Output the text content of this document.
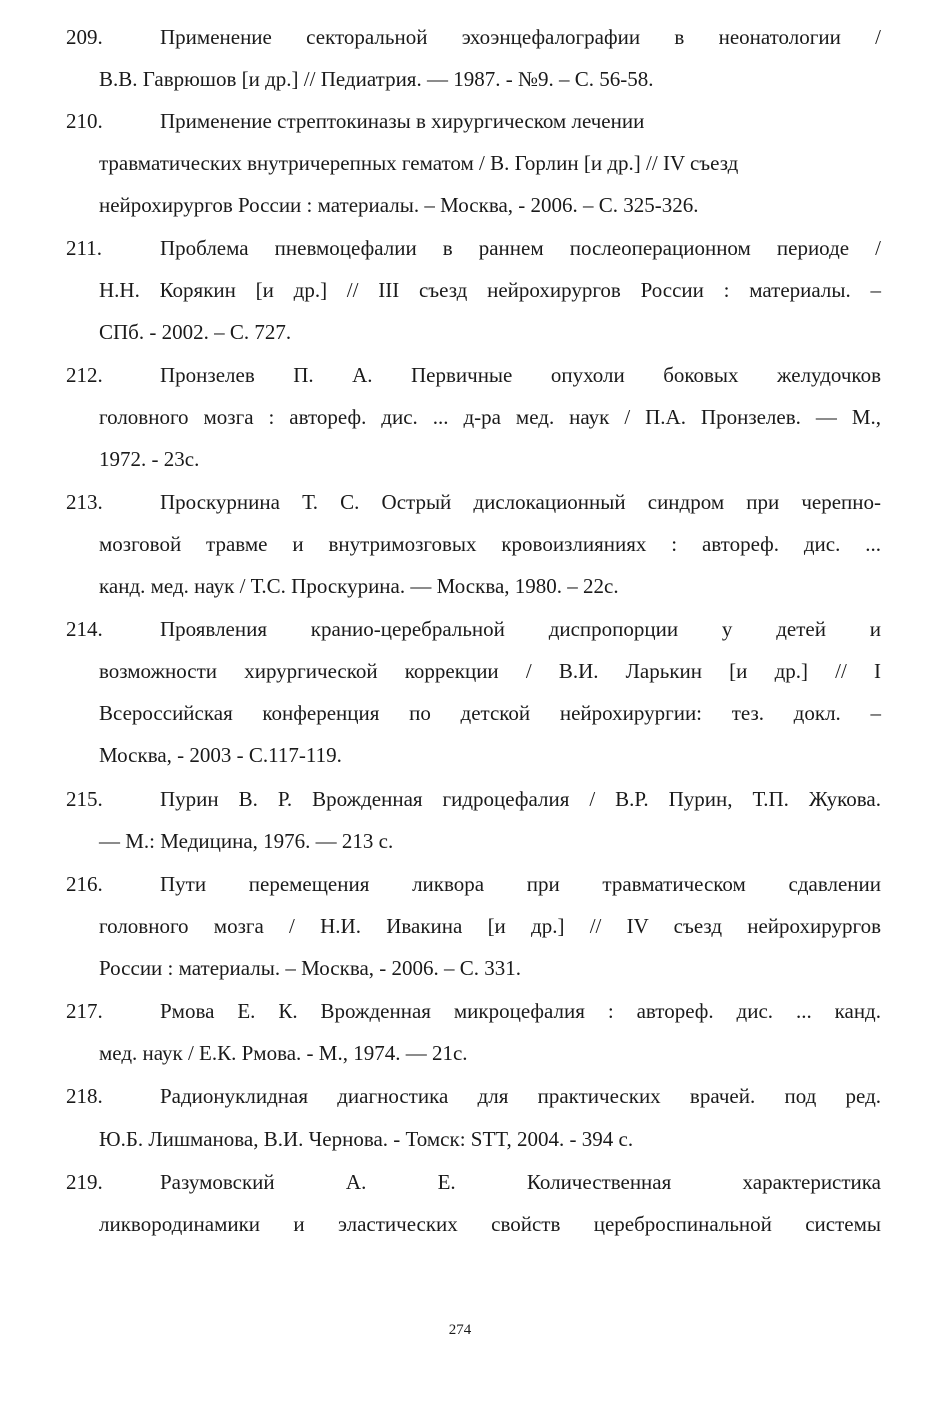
209.	Применение секторальной эхоэнцефалографии в неонатологии /
В.В. Гаврюшов [и др.] // Педиатрия. — 1987. - №9. – С. 56-58.
210.	Применение стрептокиназы в хирургическом лечении
травматических внутричерепных гематом / В. Горлин [и др.] // IV съезд
нейрохирургов России : материалы. – Москва, - 2006. – С. 325-326.
211.	Проблема пневмоцефалии в раннем послеоперационном периоде /
Н.Н. Корякин [и др.] // III съезд нейрохирургов России : материалы. –
СПб. - 2002. – С. 727.
212.	Пронзелев П. А. Первичные опухоли боковых желудочков
головного мозга : автореф. дис. ... д-ра мед. наук / П.А. Пронзелев. — М.,
1972. - 23с.
213.	Проскурнина Т. С. Острый дислокационный синдром при черепно-
мозговой травме и внутримозговых кровоизлияниях : автореф. дис. ...
канд. мед. наук / Т.С. Проскурина. — Москва, 1980. – 22с.
214.	Проявления кранио-церебральной диспропорции у детей и
возможности хирургической коррекции / В.И. Ларькин [и др.] // I
Всероссийская конференция по детской нейрохирургии: тез. докл. –
Москва, - 2003 - С.117-119.
215.	Пурин В. Р. Врожденная гидроцефалия / В.Р. Пурин, Т.П. Жукова.
— М.: Медицина, 1976. — 213 с.
216.	Пути перемещения ликвора при травматическом сдавлении
головного мозга / Н.И. Ивакина [и др.] // IV съезд нейрохирургов
России : материалы. – Москва, - 2006. – С. 331.
217.	Рмова Е. К. Врожденная микроцефалия : автореф. дис. ... канд.
мед. наук / Е.К. Рмова. - М., 1974. — 21с.
218.	Радионуклидная диагностика для практических врачей. под ред.
Ю.Б. Лишманова, В.И. Чернова. - Томск: STT, 2004. - 394 с.
219.	Разумовский А. Е. Количественная характеристика
ликвородинамики и эластических свойств цереброспинальной системы
274
